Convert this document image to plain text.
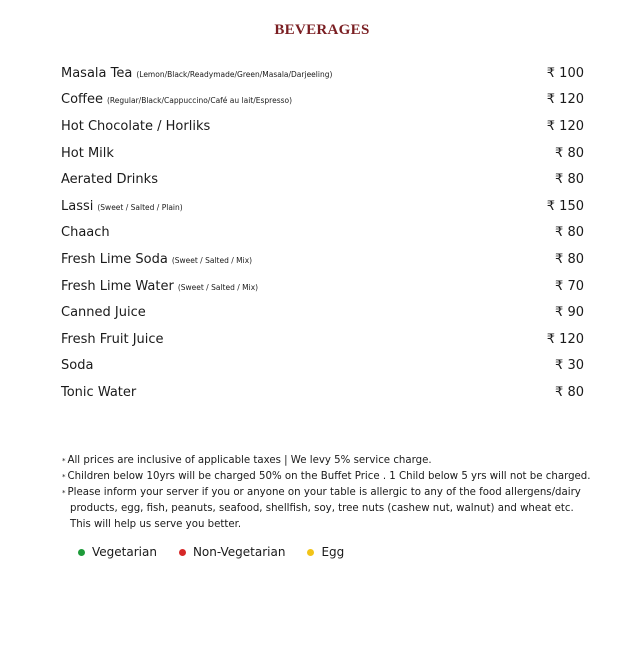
BEVERAGES
Masala Tea (Lemon/Black/Readymade/Green/Masala/Darjeeling)	₹ 100
Coffee (Regular/Black/Cappuccino/Café au lait/Espresso)	₹ 120
Hot Chocolate / Horliks	₹ 120
Hot Milk	₹ 80
Aerated Drinks	₹ 80
Lassi (Sweet / Salted / Plain)	₹ 150
Chaach	₹ 80
Fresh Lime Soda (Sweet / Salted / Mix)	₹ 80
Fresh Lime Water (Sweet / Salted / Mix)	₹ 70
Canned Juice	₹ 90
Fresh Fruit Juice	₹ 120
Soda	₹ 30
Tonic Water	₹ 80
* All prices are inclusive of applicable taxes | We levy 5% service charge.
* Children below 10yrs will be charged 50% on the Buffet Price . 1 Child below 5 yrs will not be charged.
* Please inform your server if you or anyone on your table is allergic to any of the food allergens/dairy
products, egg, fish, peanuts, seafood, shellfish, soy, tree nuts (cashew nut, walnut) and wheat etc.
This will help us serve you better.
Vegetarian	Non-Vegetarian	Egg
